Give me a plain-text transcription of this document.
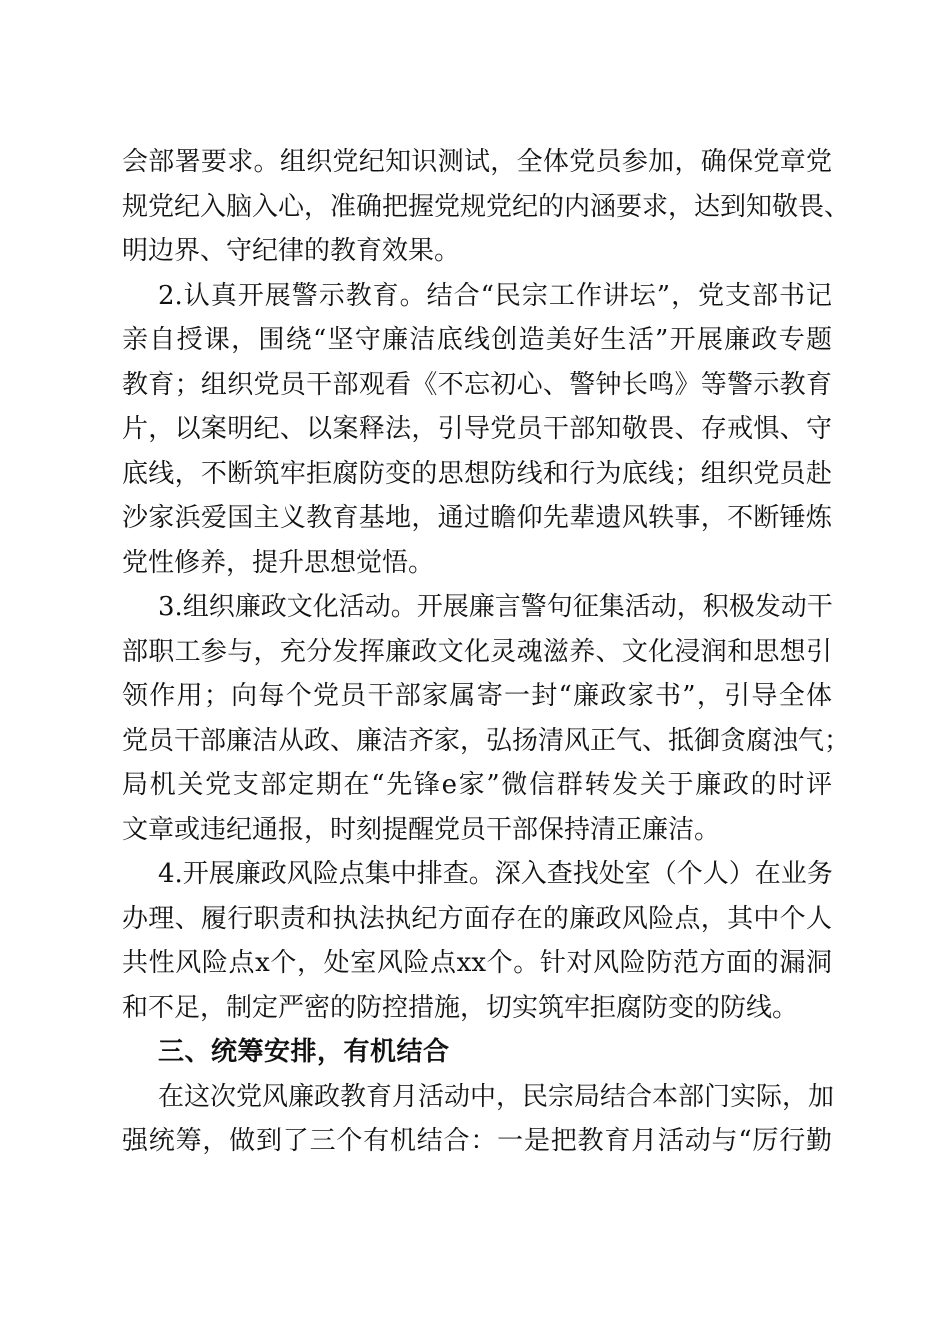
会部署要求。组织党纪知识测试，全体党员参加，确保党章党
规党纪入脑入心，准确把握党规党纪的内涵要求，达到知敬畏、
明边界、守纪律的教育效果。
2.认真开展警示教育。结合“民宗工作讲坛”，党支部书记
亲自授课，围绕“坚守廉洁底线创造美好生活”开展廉政专题
教育；组织党员干部观看《不忘初心、警钟长鸣》等警示教育
片，以案明纪、以案释法，引导党员干部知敬畏、存戒惧、守
底线，不断筑牢拒腐防变的思想防线和行为底线；组织党员赴
沙家浜爱国主义教育基地，通过瞻仰先辈遗风轶事，不断锤炼
党性修养，提升思想觉悟。
3.组织廉政文化活动。开展廉言警句征集活动，积极发动干
部职工参与，充分发挥廉政文化灵魂滋养、文化浸润和思想引
领作用；向每个党员干部家属寄一封“廉政家书”，引导全体
党员干部廉洁从政、廉洁齐家，弘扬清风正气、抵御贪腐浊气；
局机关党支部定期在“先锋e家”微信群转发关于廉政的时评
文章或违纪通报，时刻提醒党员干部保持清正廉洁。
4.开展廉政风险点集中排查。深入查找处室（个人）在业务
办理、履行职责和执法执纪方面存在的廉政风险点，其中个人
共性风险点x个，处室风险点xx个。针对风险防范方面的漏洞
和不足，制定严密的防控措施，切实筑牢拒腐防变的防线。
三、统筹安排，有机结合
在这次党风廉政教育月活动中，民宗局结合本部门实际，加
强统筹，做到了三个有机结合：一是把教育月活动与“厉行勤
